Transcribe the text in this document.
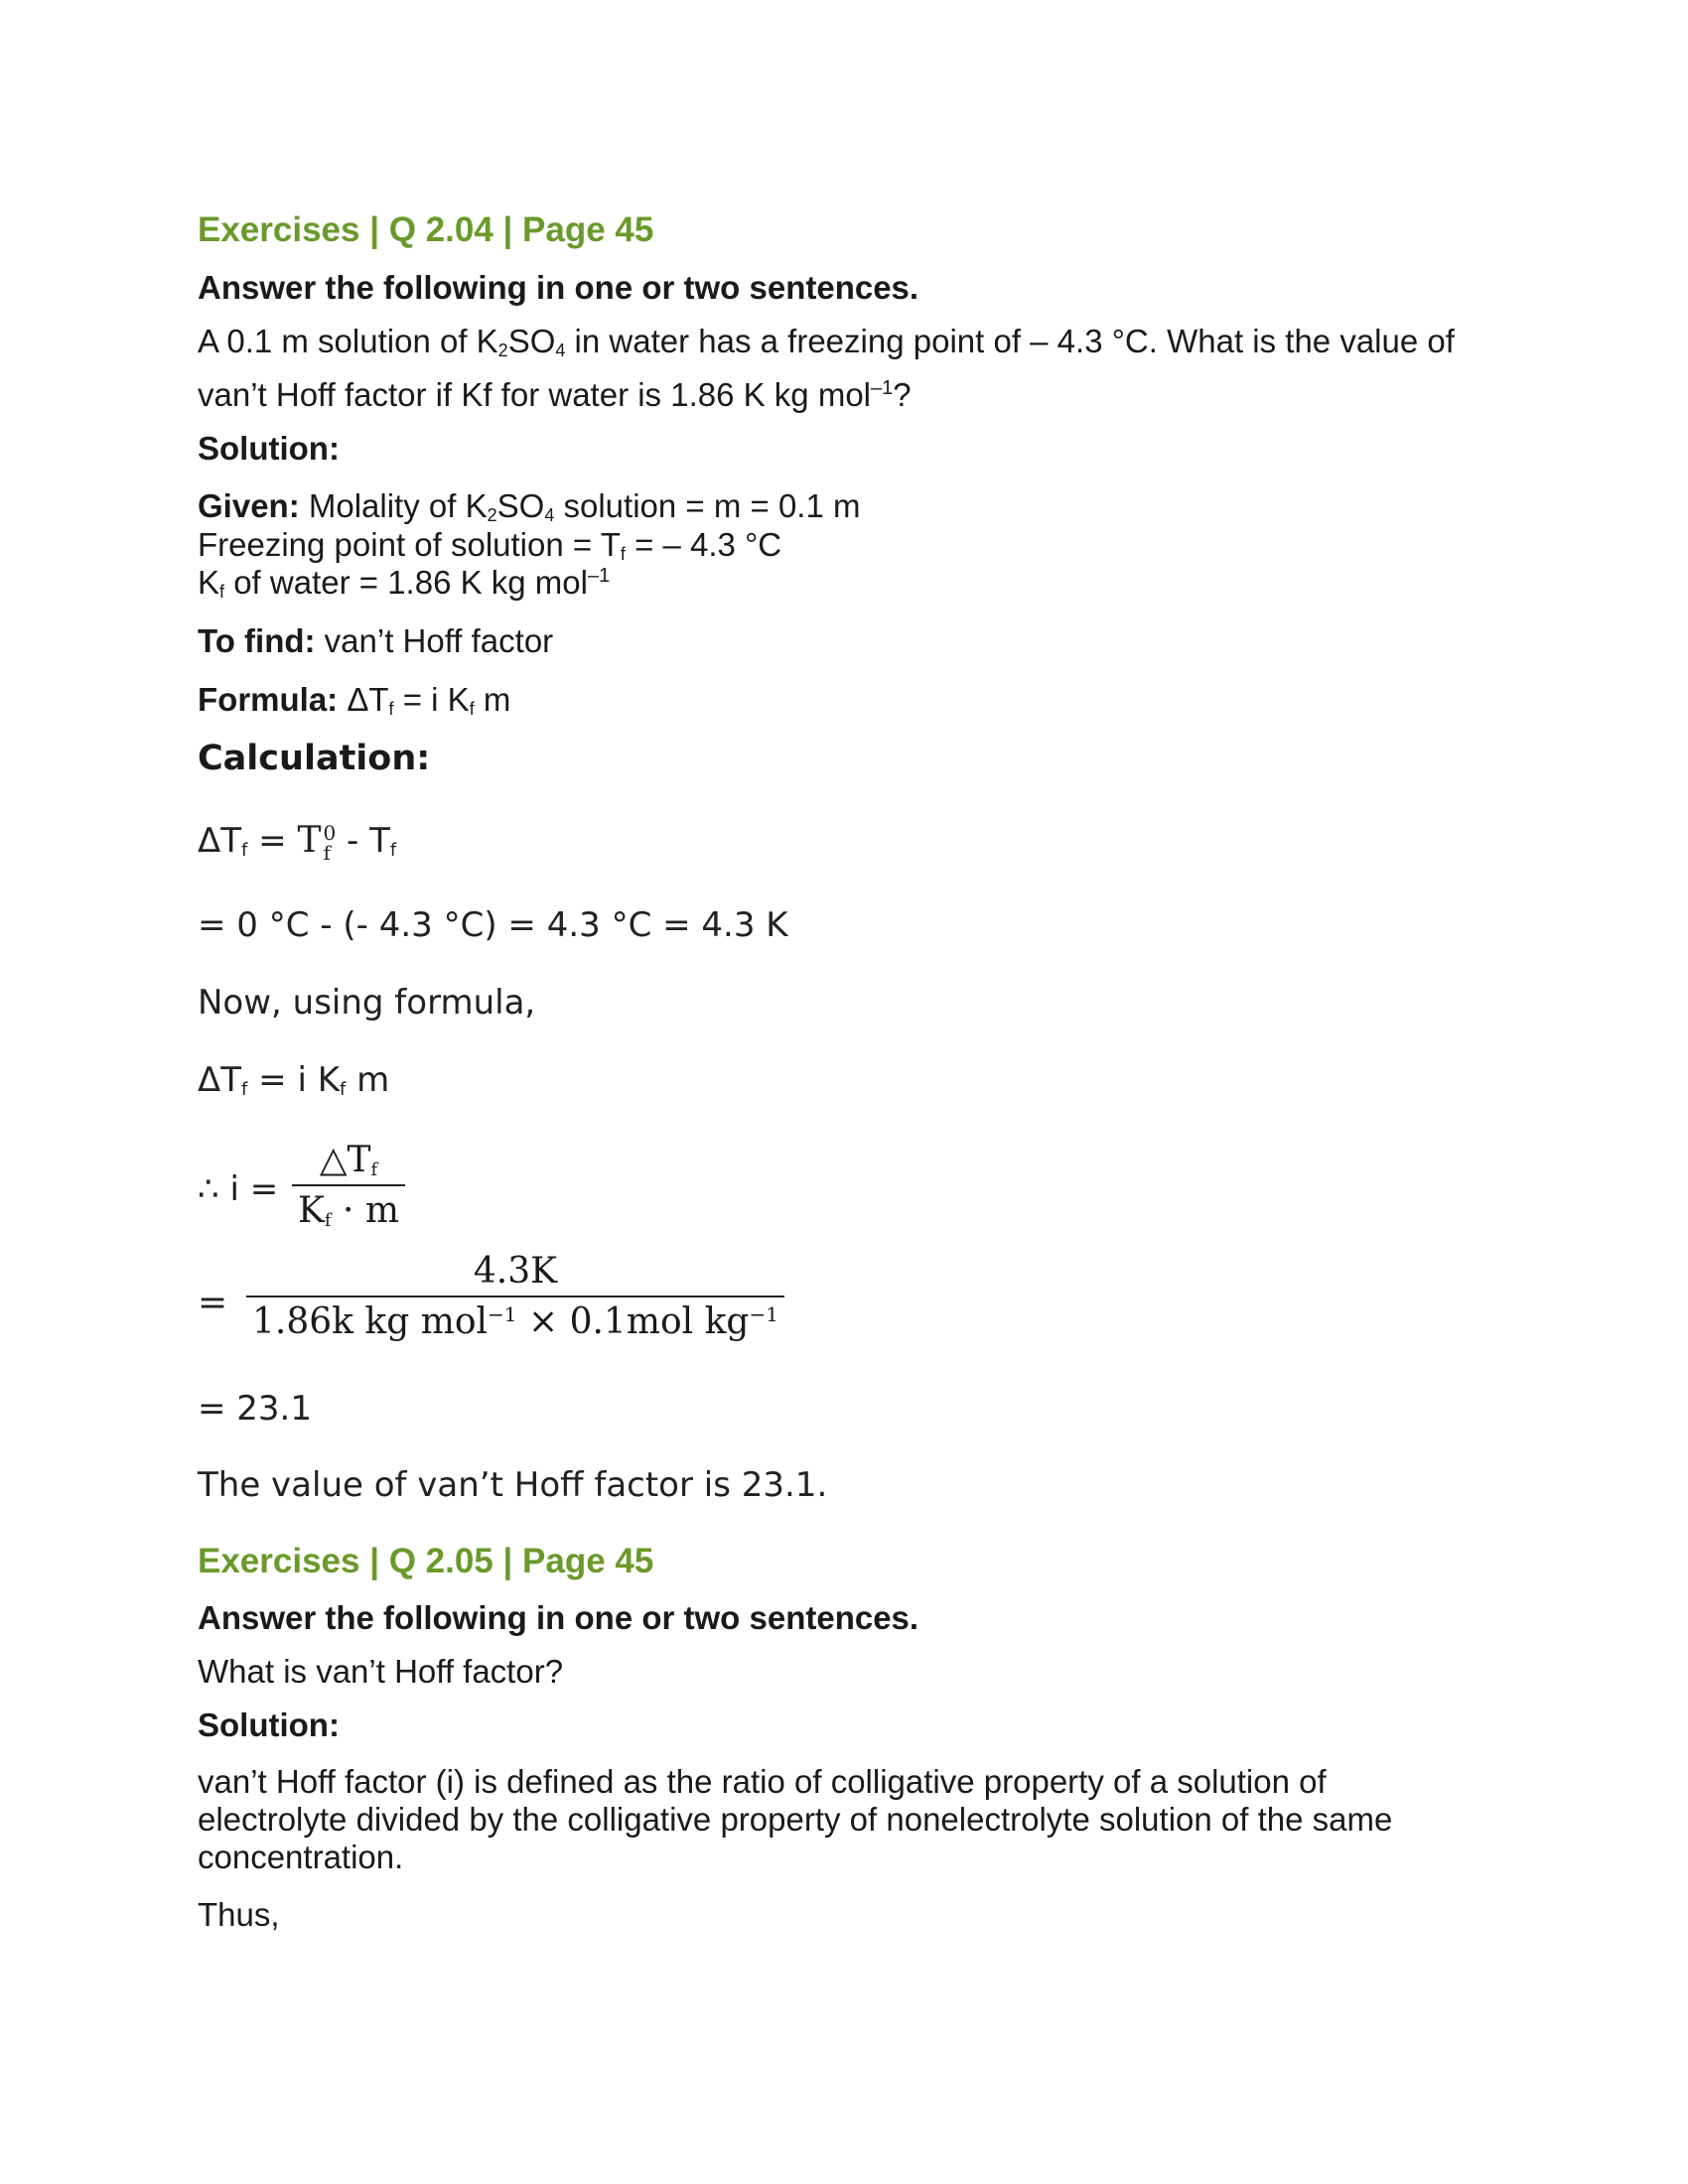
Exercises | Q 2.04 | Page 45
Answer the following in one or two sentences.
A 0.1 m solution of $K_2SO_4$ in water has a freezing point of – 4.3 °C. What is the value of
van’t Hoff factor if Kf for water is 1.86 K kg mol$^{-1}$?
Solution:
Given: Molality of $K_2SO_4$ solution = m = 0.1 m
Freezing point of solution = $T_f$ = – 4.3 °C
$K_f$ of water = 1.86 K kg mol$^{-1}$
To find: van’t Hoff factor
Formula: $\Delta T_f = i$ $K_f$ m
Calculation:
$\Delta T_f = T$ 0
f - $T_f$
= 0 °C - (- 4.3 °C) = 4.3 °C = 4.3 K
Now, using formula,
$\Delta T_f = i$ $K_f$ m
∴ i =
$\triangle T_f$
$K_f \cdot m$
=
4.3K
1.86k kg mol$^{-1}$ × 0.1mol $kg^{-1}$
= 23.1
The value of van’t Hoff factor is 23.1.
Exercises | Q 2.05 | Page 45
Answer the following in one or two sentences.
What is van’t Hoff factor?
Solution:
van’t Hoff factor (i) is defined as the ratio of colligative property of a solution of
electrolyte divided by the colligative property of nonelectrolyte solution of the same
concentration.
Thus,
